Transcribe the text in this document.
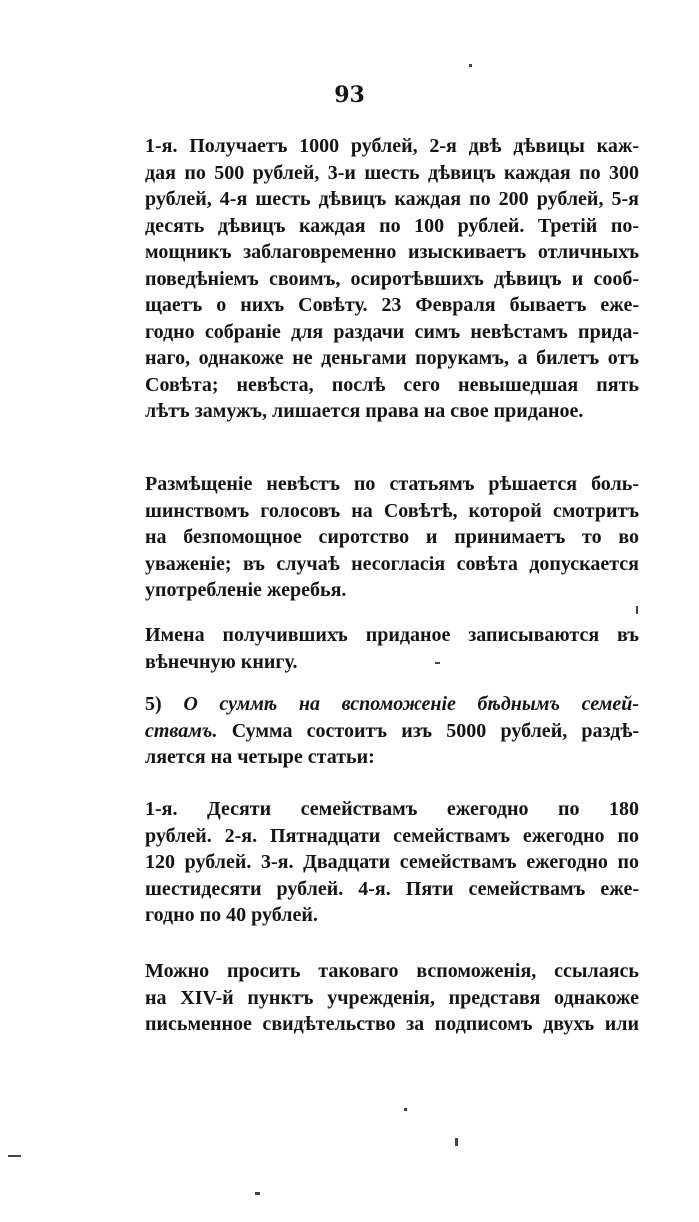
93

1-я. Получаетъ 1000 рублей, 2-я двѣ дѣвицы каж-
дая по 500 рублей, 3-и шесть дѣвицъ каждая по 300
рублей, 4-я шесть дѣвицъ каждая по 200 рублей, 5-я
десять дѣвицъ каждая по 100 рублей. Третій по-
мощникъ заблаговременно изыскиваетъ отличныхъ
поведѣніемъ своимъ, осиротѣвшихъ дѣвицъ и сооб-
щаетъ о нихъ Совѣту. 23 Февраля бываетъ еже-
годно собраніе для раздачи симъ невѣстамъ прида-
наго, однакоже не деньгами порукамъ, а билетъ отъ
Совѣта; невѣста, послѣ сего невышедшая пять
лѣтъ замужъ, лишается права на свое приданое.

Размѣщеніе невѣстъ по статьямъ рѣшается боль-
шинствомъ голосовъ на Совѣтѣ, которой смотритъ
на безпомощное сиротство и принимаетъ то во
уваженіе; въ случаѣ несогласія совѣта допускается
употребленіе жеребья.

Имена получившихъ приданое записываются въ
вѣнечную книгу.

5) О суммѣ на вспоможеніе бѣднымъ семей-
ствамъ. Сумма состоитъ изъ 5000 рублей, раздѣ-
ляется на четыре статьи:

1-я. Десяти семействамъ ежегодно по 180
рублей. 2-я. Пятнадцати семействамъ ежегодно по
120 рублей. 3-я. Двадцати семействамъ ежегодно по
шестидесяти рублей. 4-я. Пяти семействамъ еже-
годно по 40 рублей.

Можно просить таковаго вспоможенія, ссылаясь
на XIV-й пунктъ учрежденія, представя однакоже
письменное свидѣтельство за подписомъ двухъ или
